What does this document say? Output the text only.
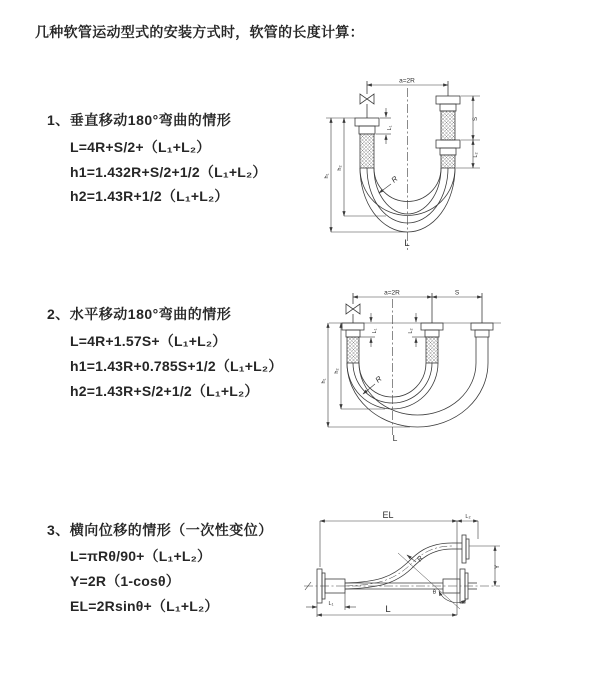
几种软管运动型式的安装方式时，软管的长度计算：
1、垂直移动180°弯曲的情形
L=4R+S/2+（L₁+L₂）
h1=1.432R+S/2+1/2（L₁+L₂）
h2=1.43R+1/2（L₁+L₂）
2、水平移动180°弯曲的情形
L=4R+1.57S+（L₁+L₂）
h1=1.43R+0.785S+1/2（L₁+L₂）
h2=1.43R+S/2+1/2（L₁+L₂）
3、横向位移的情形（一次性变位）
L=πRθ/90+（L₁+L₂）
Y=2R（1-cosθ）
EL=2Rsinθ+（L₁+L₂）
a=2R
L₁
S
L₂
h₁
h₂
R
L
a=2R	S
L₁	L₂
h₁
h₂
R
L
EL	L₂
Y
R
θ
L₁	L
